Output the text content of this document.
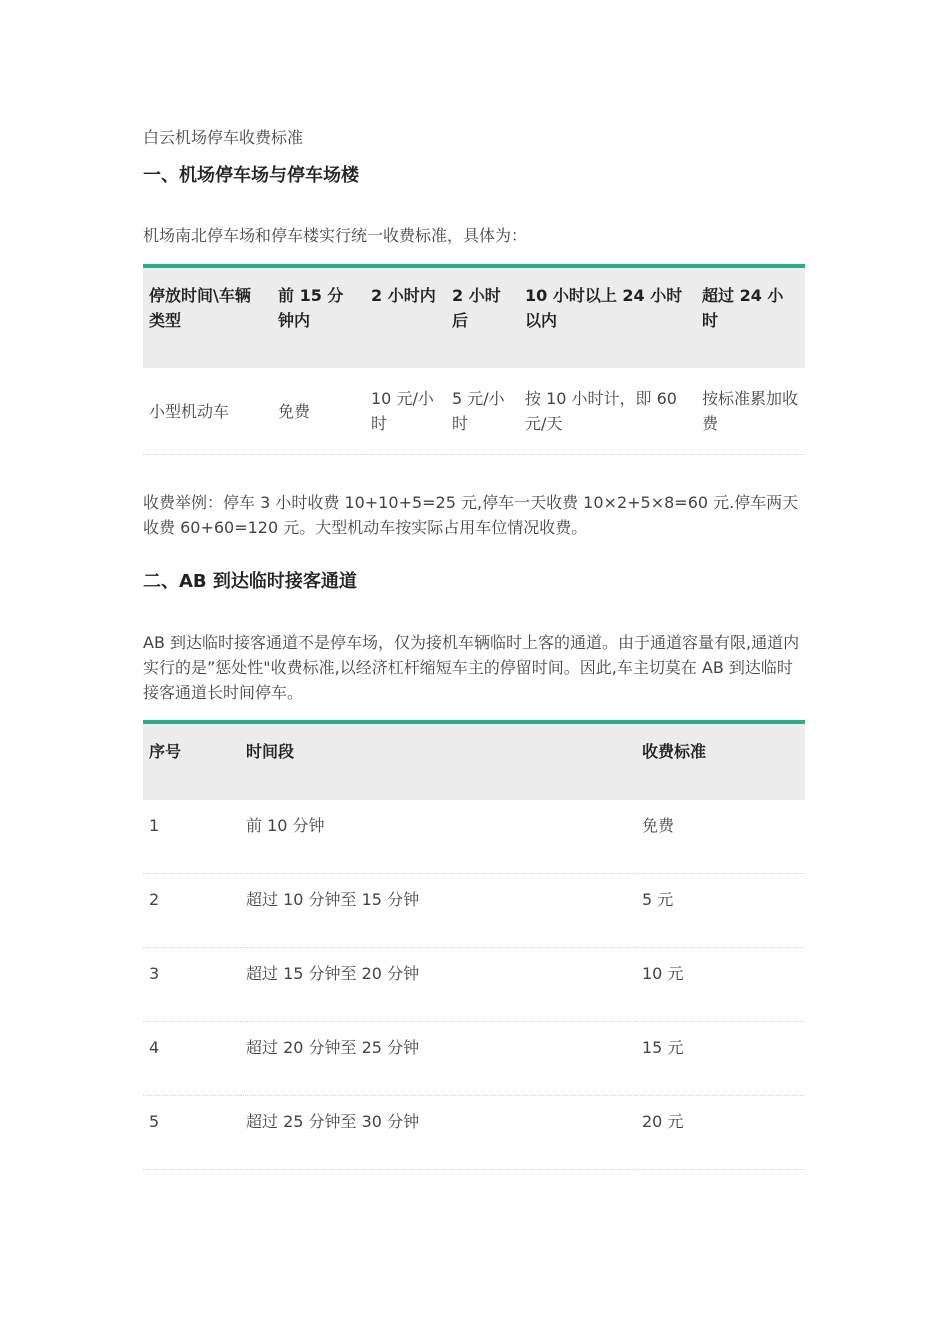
白云机场停车收费标准
一、机场停车场与停车场楼
机场南北停车场和停车楼实行统一收费标准，具体为：
停放时间\车辆类型	前 15 分钟内	2 小时内	2 小时后	10 小时以上 24 小时以内	超过 24 小时
小型机动车	免费	10 元/小时	5 元/小时	按 10 小时计，即 60 元/天	按标准累加收费
收费举例：停车 3 小时收费 10+10+5=25 元,停车一天收费 10×2+5×8=60 元.停车两天收费 60+60=120 元。大型机动车按实际占用车位情况收费。
二、AB 到达临时接客通道
AB 到达临时接客通道不是停车场，仅为接机车辆临时上客的通道。由于通道容量有限,通道内实行的是”惩处性"收费标准,以经济杠杆缩短车主的停留时间。因此,车主切莫在 AB 到达临时接客通道长时间停车。
序号	时间段	收费标准
1	前 10 分钟	免费
2	超过 10 分钟至 15 分钟	5 元
3	超过 15 分钟至 20 分钟	10 元
4	超过 20 分钟至 25 分钟	15 元
5	超过 25 分钟至 30 分钟	20 元
